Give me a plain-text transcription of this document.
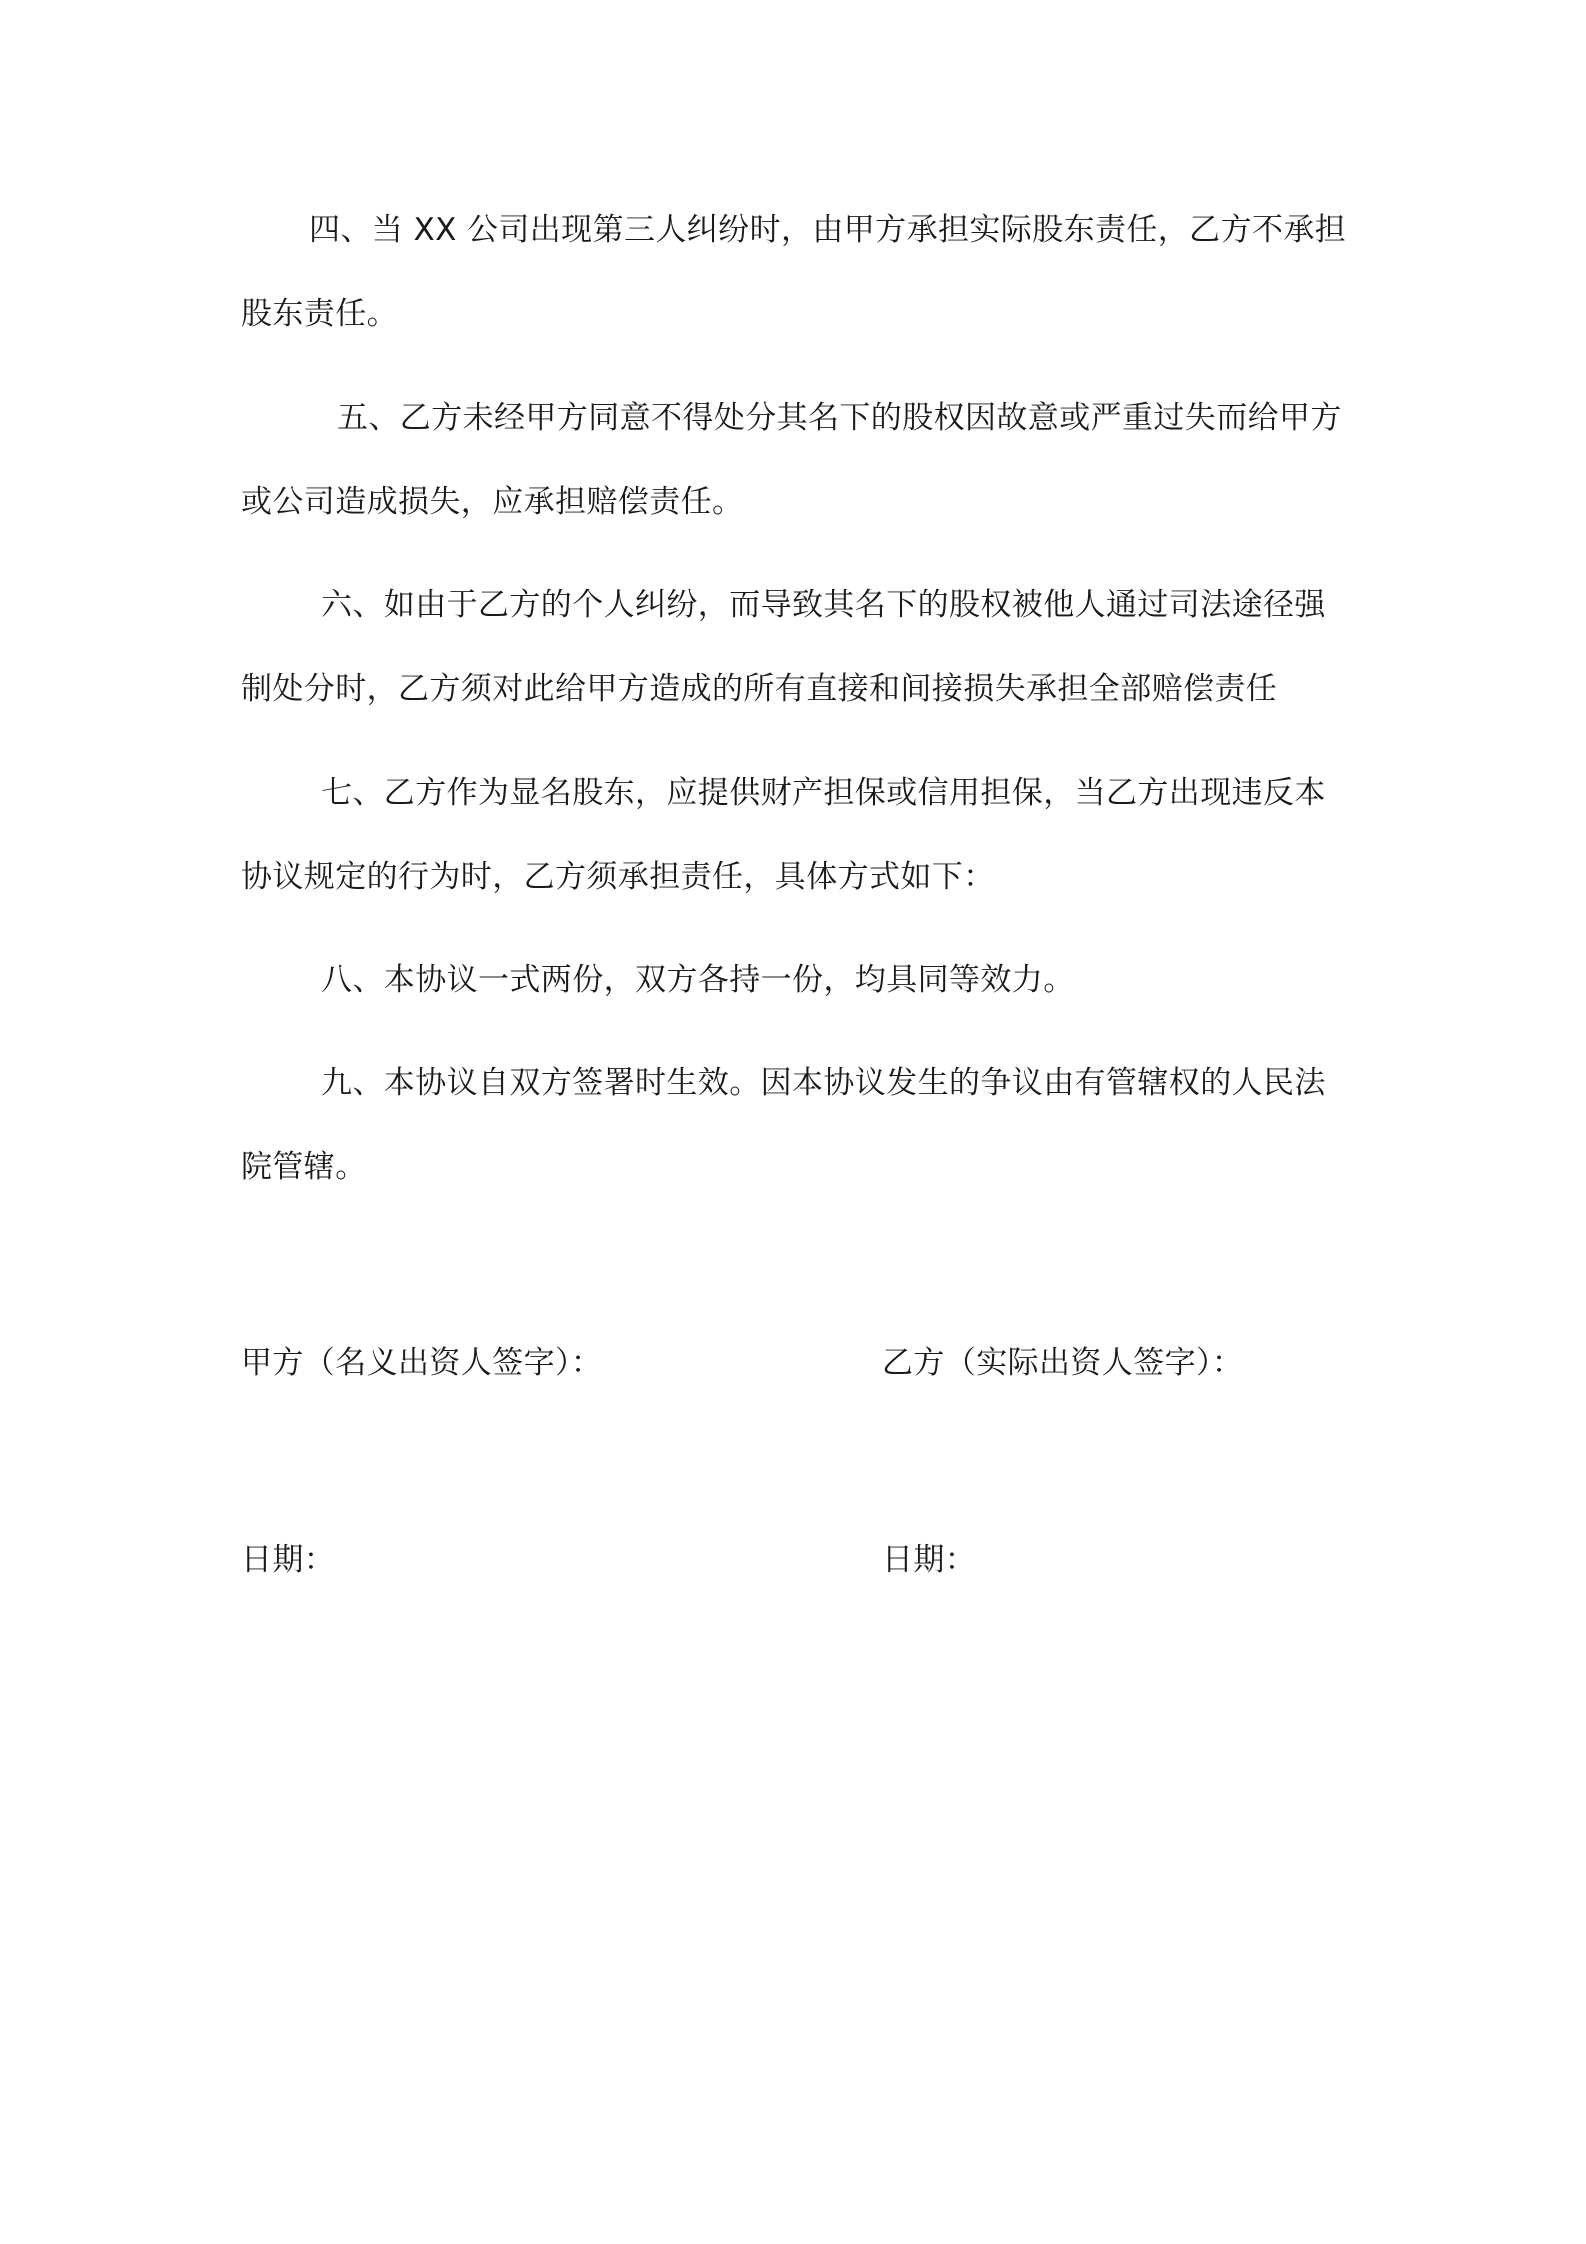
四、当 XX 公司出现第三人纠纷时，由甲方承担实际股东责任，乙方不承担
股东责任。
五、乙方未经甲方同意不得处分其名下的股权因故意或严重过失而给甲方
或公司造成损失，应承担赔偿责任。
六、如由于乙方的个人纠纷，而导致其名下的股权被他人通过司法途径强
制处分时，乙方须对此给甲方造成的所有直接和间接损失承担全部赔偿责任
七、乙方作为显名股东，应提供财产担保或信用担保，当乙方出现违反本
协议规定的行为时，乙方须承担责任，具体方式如下：
八、本协议一式两份，双方各持一份，均具同等效力。
九、本协议自双方签署时生效。因本协议发生的争议由有管辖权的人民法
院管辖。
甲方（名义出资人签字）：	乙方（实际出资人签字）：
日期：	日期：
